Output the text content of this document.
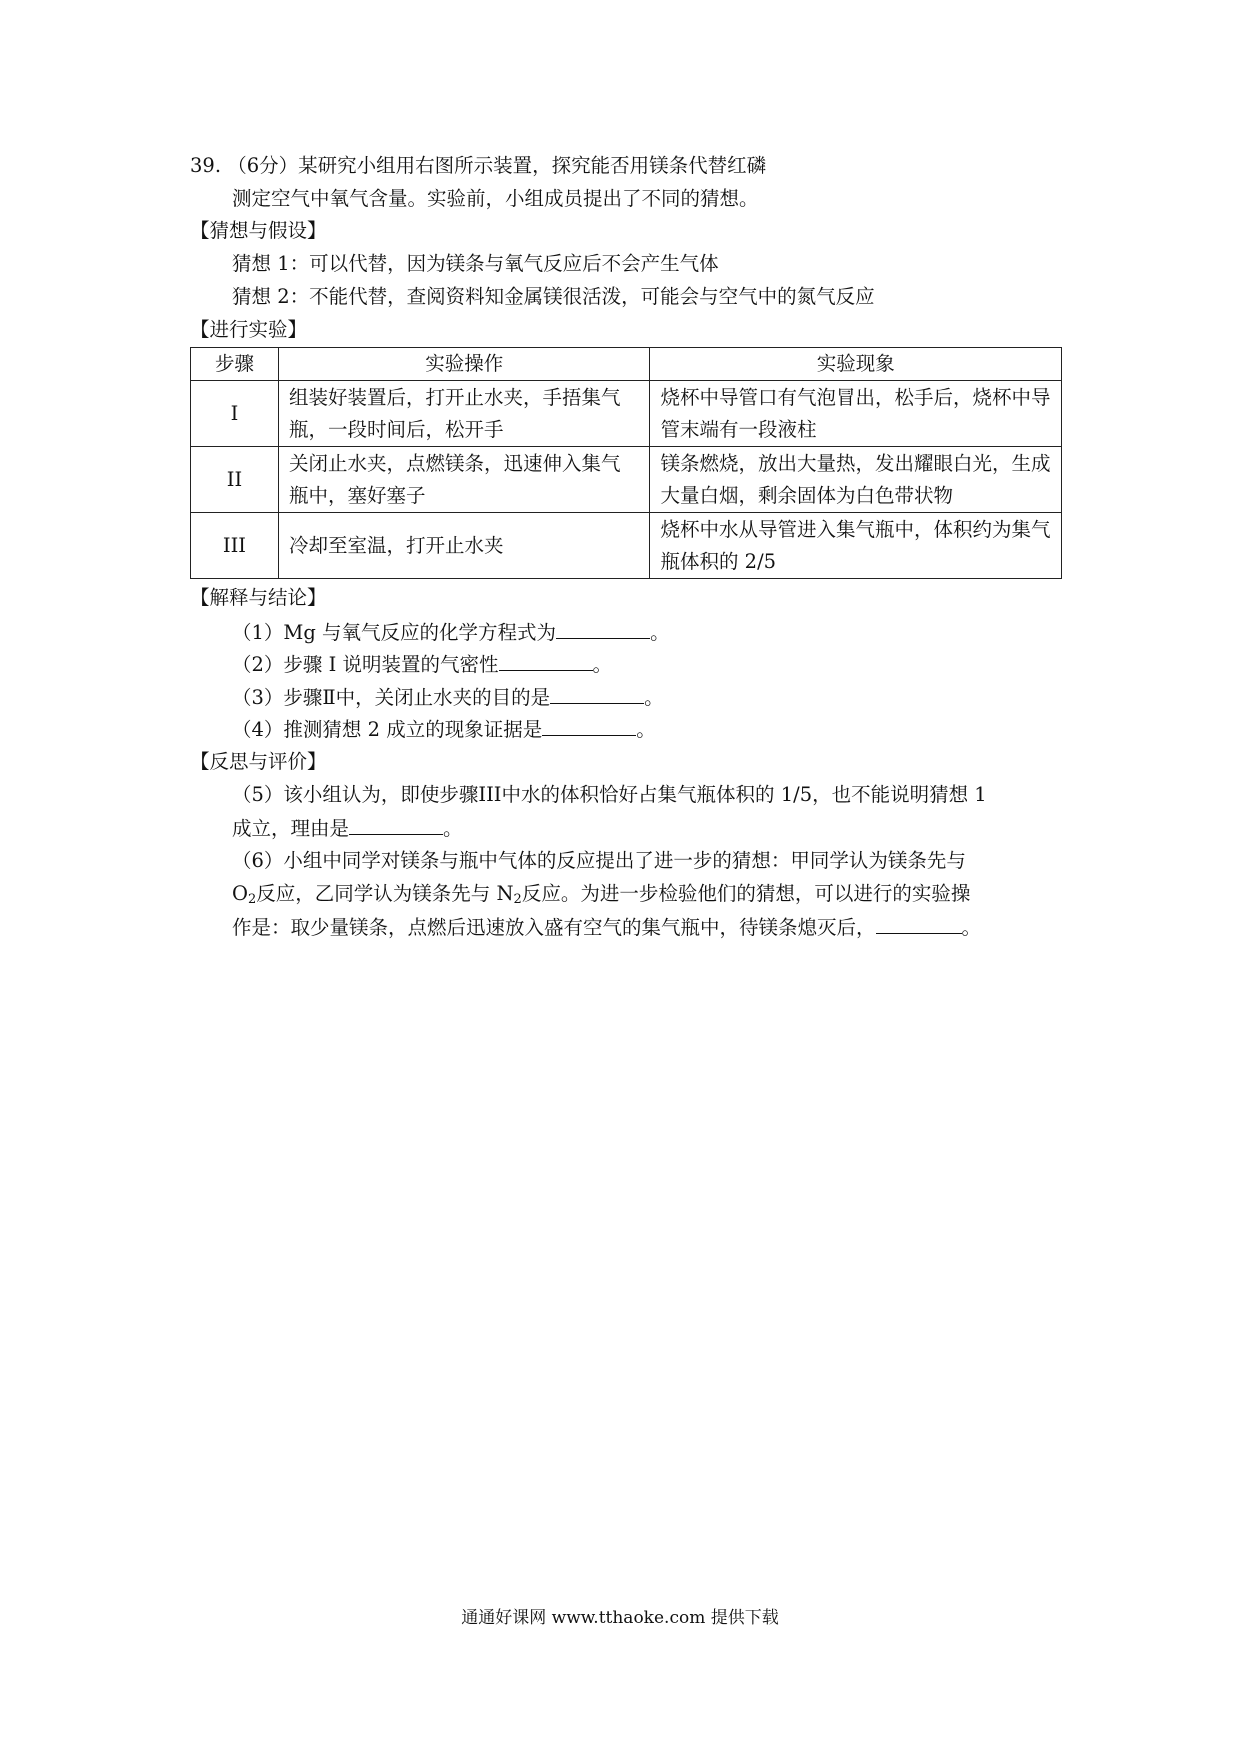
39. （6分）某研究小组用右图所示装置，探究能否用镁条代替红磷
测定空气中氧气含量。实验前，小组成员提出了不同的猜想。
【猜想与假设】
猜想 1：可以代替，因为镁条与氧气反应后不会产生气体
猜想 2：不能代替，查阅资料知金属镁很活泼，可能会与空气中的氮气反应
【进行实验】
步骤	实验操作	实验现象
I	组装好装置后，打开止水夹，手捂集气瓶，一段时间后，松开手	烧杯中导管口有气泡冒出，松手后，烧杯中导管末端有一段液柱
II	关闭止水夹，点燃镁条，迅速伸入集气瓶中，塞好塞子	镁条燃烧，放出大量热，发出耀眼白光，生成大量白烟，剩余固体为白色带状物
III	冷却至室温，打开止水夹	烧杯中水从导管进入集气瓶中，体积约为集气瓶体积的 2/5
【解释与结论】
（1）Mg 与氧气反应的化学方程式为	。
（2）步骤 I 说明装置的气密性	。
（3）步骤Ⅱ中，关闭止水夹的目的是	。
（4）推测猜想 2 成立的现象证据是	。
【反思与评价】
（5）该小组认为，即使步骤III中水的体积恰好占集气瓶体积的 1/5，也不能说明猜想 1
成立，理由是	。
（6）小组中同学对镁条与瓶中气体的反应提出了进一步的猜想：甲同学认为镁条先与
$O_2$反应，乙同学认为镁条先与 $N_2$反应。为进一步检验他们的猜想，可以进行的实验操
作是：取少量镁条，点燃后迅速放入盛有空气的集气瓶中，待镁条熄灭后，	。
通通好课网 www.tthaoke.com 提供下载
